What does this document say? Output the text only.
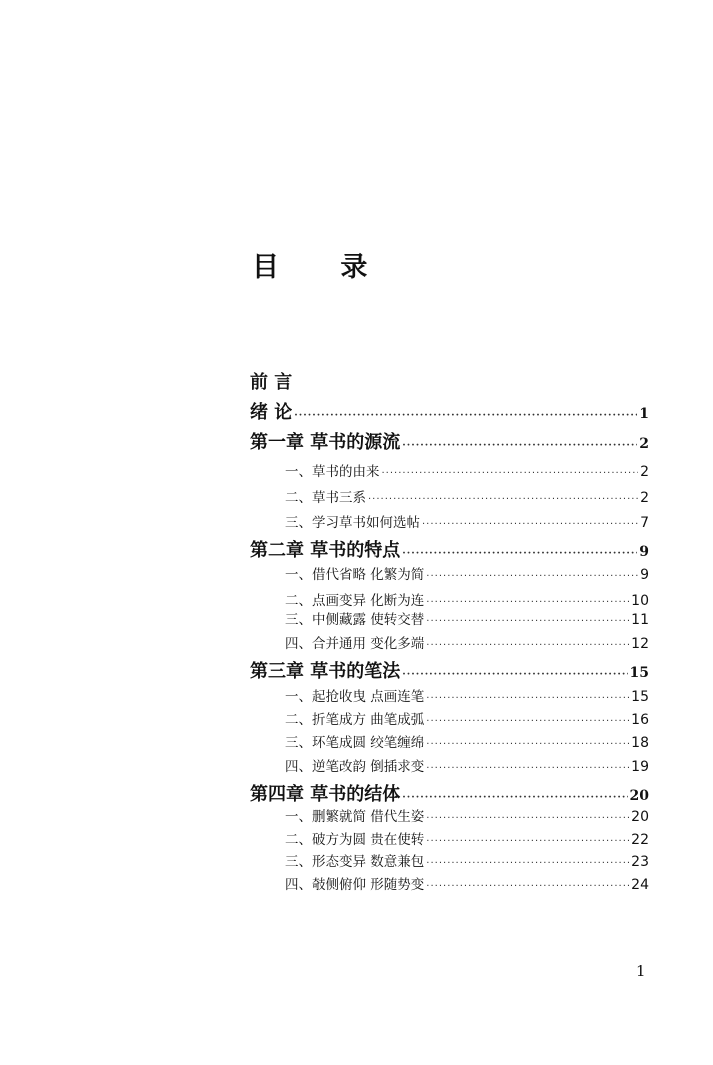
目 录
前 言
绪 论 ·····	1
第一章 草书的源流 ·····	2
一、草书的由来 ·····	2
二、草书三系 ·····	2
三、学习草书如何选帖 ·····	7
第二章 草书的特点 ·····	9
一、借代省略 化繁为简 ·····	9
二、点画变异 化断为连 ·····	10
三、中侧藏露 使转交替 ·····	11
四、合并通用 变化多端 ·····	12
第三章 草书的笔法 ·····	15
一、起抢收曳 点画连笔 ·····	15
二、折笔成方 曲笔成弧 ·····	16
三、环笔成圆 绞笔缠绵 ·····	18
四、逆笔改韵 倒插求变 ·····	19
第四章 草书的结体 ·····	20
一、删繁就简 借代生姿 ·····	20
二、破方为圆 贵在使转 ·····	22
三、形态变异 数意兼包 ·····	23
四、攲侧俯仰 形随势变 ·····	24
1
